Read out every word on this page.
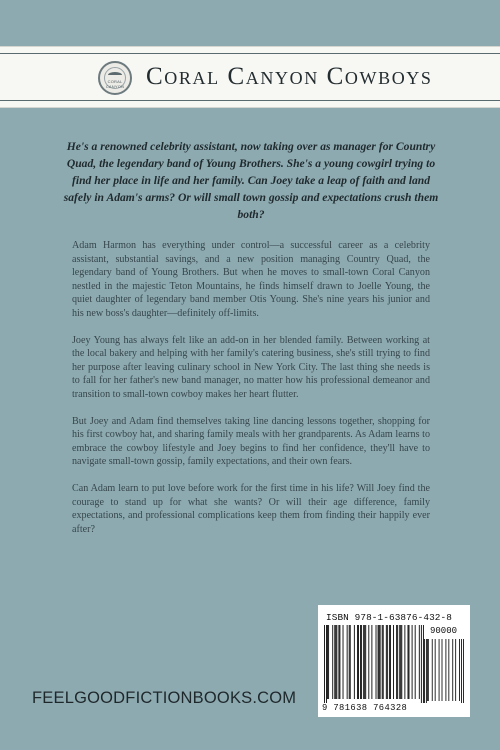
CORAL CANYON Coral Canyon Cowboys
He's a renowned celebrity assistant, now taking over as manager for Country Quad, the legendary band of Young Brothers. She's a young cowgirl trying to find her place in life and her family. Can Joey take a leap of faith and land safely in Adam's arms? Or will small town gossip and expectations crush them both?

Adam Harmon has everything under control—a successful career as a celebrity assistant, substantial savings, and a new position managing Country Quad, the legendary band of Young Brothers. But when he moves to small-town Coral Canyon nestled in the majestic Teton Mountains, he finds himself drawn to Joelle Young, the quiet daughter of legendary band member Otis Young. She's nine years his junior and his new boss's daughter—definitely off-limits.

Joey Young has always felt like an add-on in her blended family. Between working at the local bakery and helping with her family's catering business, she's still trying to find her purpose after leaving culinary school in New York City. The last thing she needs is to fall for her father's new band manager, no matter how his professional demeanor and transition to small-town cowboy makes her heart flutter.

But Joey and Adam find themselves taking line dancing lessons together, shopping for his first cowboy hat, and sharing family meals with her grandparents. As Adam learns to embrace the cowboy lifestyle and Joey begins to find her confidence, they'll have to navigate small-town gossip, family expectations, and their own fears.

Can Adam learn to put love before work for the first time in his life? Will Joey find the courage to stand up for what she wants? Or will their age difference, family expectations, and professional complications keep them from finding their happily ever after?

FEELGOODFICTIONBOOKS.COM
ISBN 978-1-63876-432-8
90000
9 781638 764328
